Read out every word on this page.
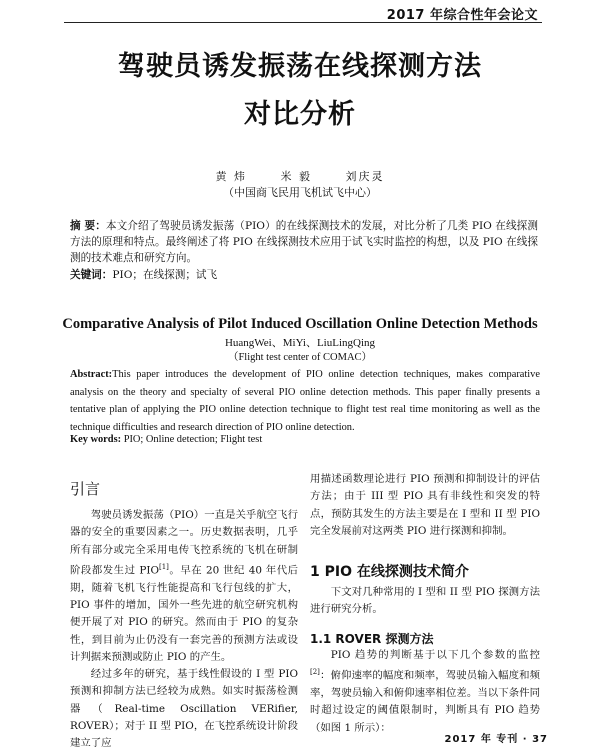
2017 年综合性年会论文
驾驶员诱发振荡在线探测方法
对比分析
黄 炜	米 毅	刘庆灵
（中国商飞民用飞机试飞中心）
摘 要：本文介绍了驾驶员诱发振荡（PIO）的在线探测技术的发展，对比分析了几类 PIO 在线探测方法的原理和特点。最终阐述了将 PIO 在线探测技术应用于试飞实时监控的构想，以及 PIO 在线探测的技术难点和研究方向。
关键词：PIO；在线探测；试飞
Comparative Analysis of Pilot Induced Oscillation Online Detection Methods
HuangWei、MiYi、LiuLingQing
（Flight test center of COMAC）
Abstract:This paper introduces the development of PIO online detection techniques, makes comparative analysis on the theory and specialty of several PIO online detection methods. This paper finally presents a tentative plan of applying the PIO online detection technique to flight test real time monitoring as well as the technique difficulties and research direction of PIO online detection.
Key words: PIO; Online detection; Flight test
引言
驾驶员诱发振荡（PIO）一直是关乎航空飞行器的安全的重要因素之一。历史数据表明，几乎所有部分或完全采用电传飞控系统的飞机在研制阶段都发生过 PIO[1]。早在 20 世纪 40 年代后期，随着飞机飞行性能提高和飞行包线的扩大，PIO 事件的增加，国外一些先进的航空研究机构便开展了对 PIO 的研究。然而由于 PIO 的复杂性，到目前为止仍没有一套完善的预测方法或设计判据来预测或防止 PIO 的产生。
经过多年的研究，基于线性假设的 I 型 PIO 预测和抑制方法已经较为成熟。如实时振荡检测器（Real-time Oscillation VERifier, ROVER）；对于 II 型 PIO，在飞控系统设计阶段建立了应
用描述函数理论进行 PIO 预测和抑制设计的评估方法；由于 III 型 PIO 具有非线性和突发的特点，预防其发生的方法主要是在 I 型和 II 型 PIO 完全发展前对这两类 PIO 进行探测和抑制。
1 PIO 在线探测技术简介
下文对几种常用的 I 型和 II 型 PIO 探测方法进行研究分析。
1.1 ROVER 探测方法
PIO 趋势的判断基于以下几个参数的监控[2]：俯仰速率的幅度和频率，驾驶员输入幅度和频率，驾驶员输入和俯仰速率相位差。当以下条件同时超过设定的阈值限制时，判断具有 PIO 趋势（如图 1 所示）：
2017 年 专刊 · 37
